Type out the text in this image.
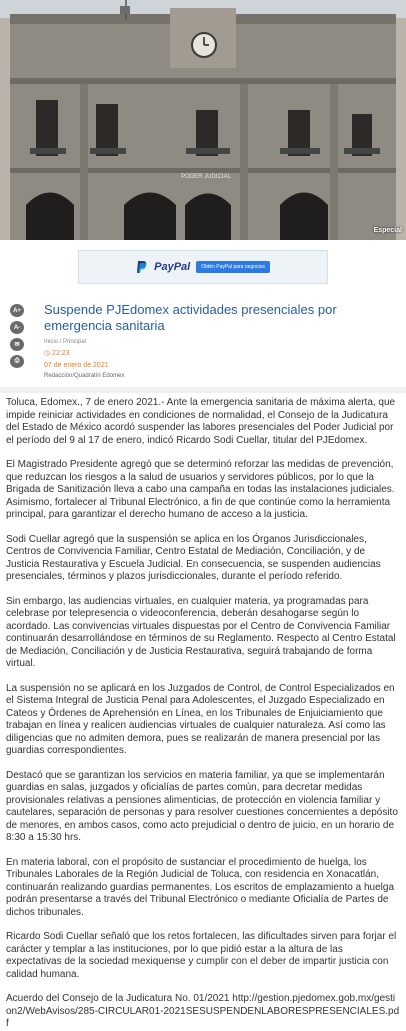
PODER JUDICIAL
Especial
PayPal	Obtén PayPal para negocios
A+
A-
✉
⎙
Suspende PJEdomex actividades presenciales por emergencia sanitaria
Inicio / Principal
◷ 22:23
07 de enero de 2021
Redacción/Quadratín Edomex

Toluca, Edomex., 7 de enero 2021.- Ante la emergencia sanitaria de máxima alerta, que impide reiniciar actividades en condiciones de normalidad, el Consejo de la Judicatura del Estado de México acordó suspender las labores presenciales del Poder Judicial por el período del 9 al 17 de enero, indicó Ricardo Sodi Cuellar, titular del PJEdomex.

El Magistrado Presidente agregó que se determinó reforzar las medidas de prevención, que reduzcan los riesgos a la salud de usuarios y servidores públicos, por lo que la Brigada de Sanitización lleva a cabo una campaña en todas las instalaciones judiciales. Asimismo, fortalecer al Tribunal Electrónico, a fin de que continúe como la herramienta principal, para garantizar el derecho humano de acceso a la justicia.

Sodi Cuellar agregó que la suspensión se aplica en los Órganos Jurisdiccionales, Centros de Convivencia Familiar, Centro Estatal de Mediación, Conciliación, y de Justicia Restaurativa y Escuela Judicial. En consecuencia, se suspenden audiencias presenciales, términos y plazos jurisdiccionales, durante el período referido.

Sin embargo, las audiencias virtuales, en cualquier materia, ya programadas para celebrase por telepresencia o videoconferencia, deberán desahogarse según lo acordado. Las convivencias virtuales dispuestas por el Centro de Convivencia Familiar continuarán desarrollándose en términos de su Reglamento. Respecto al Centro Estatal de Mediación, Conciliación y de Justicia Restaurativa, seguirá trabajando de forma virtual.

La suspensión no se aplicará en los Juzgados de Control, de Control Especializados en el Sistema Integral de Justicia Penal para Adolescentes, el Juzgado Especializado en Cateos y Órdenes de Aprehensión en Línea, en los Tribunales de Enjuiciamiento que trabajan en línea y realicen audiencias virtuales de cualquier naturaleza. Así como las diligencias que no admiten demora, pues se realizarán de manera presencial por las guardias correspondientes.

Destacó que se garantizan los servicios en materia familiar, ya que se implementarán guardias en salas, juzgados y oficialías de partes común, para decretar medidas provisionales relativas a pensiones alimenticias, de protección en violencia familiar y cautelares, separación de personas y para resolver cuestiones concernientes a depósito de menores, en ambos casos, como acto prejudicial o dentro de juicio, en un horario de 8:30 a 15:30 hrs.

En materia laboral, con el propósito de sustanciar el procedimiento de huelga, los Tribunales Laborales de la Región Judicial de Toluca, con residencia en Xonacatlán, continuarán realizando guardias permanentes. Los escritos de emplazamiento a huelga podrán presentarse a través del Tribunal Electrónico o mediante Oficialía de Partes de dichos tribunales.

Ricardo Sodi Cuellar señaló que los retos fortalecen, las dificultades sirven para forjar el carácter y templar a las instituciones, por lo que pidió estar a la altura de las expectativas de la sociedad mexiquense y cumplir con el deber de impartir justicia con calidad humana.

Acuerdo del Consejo de la Judicatura No. 01/2021 http://gestion.pjedomex.gob.mx/gestion2/WebAvisos/285-CIRCULAR01-2021SESUSPENDENLABORESPRESENCIALES.pdf
